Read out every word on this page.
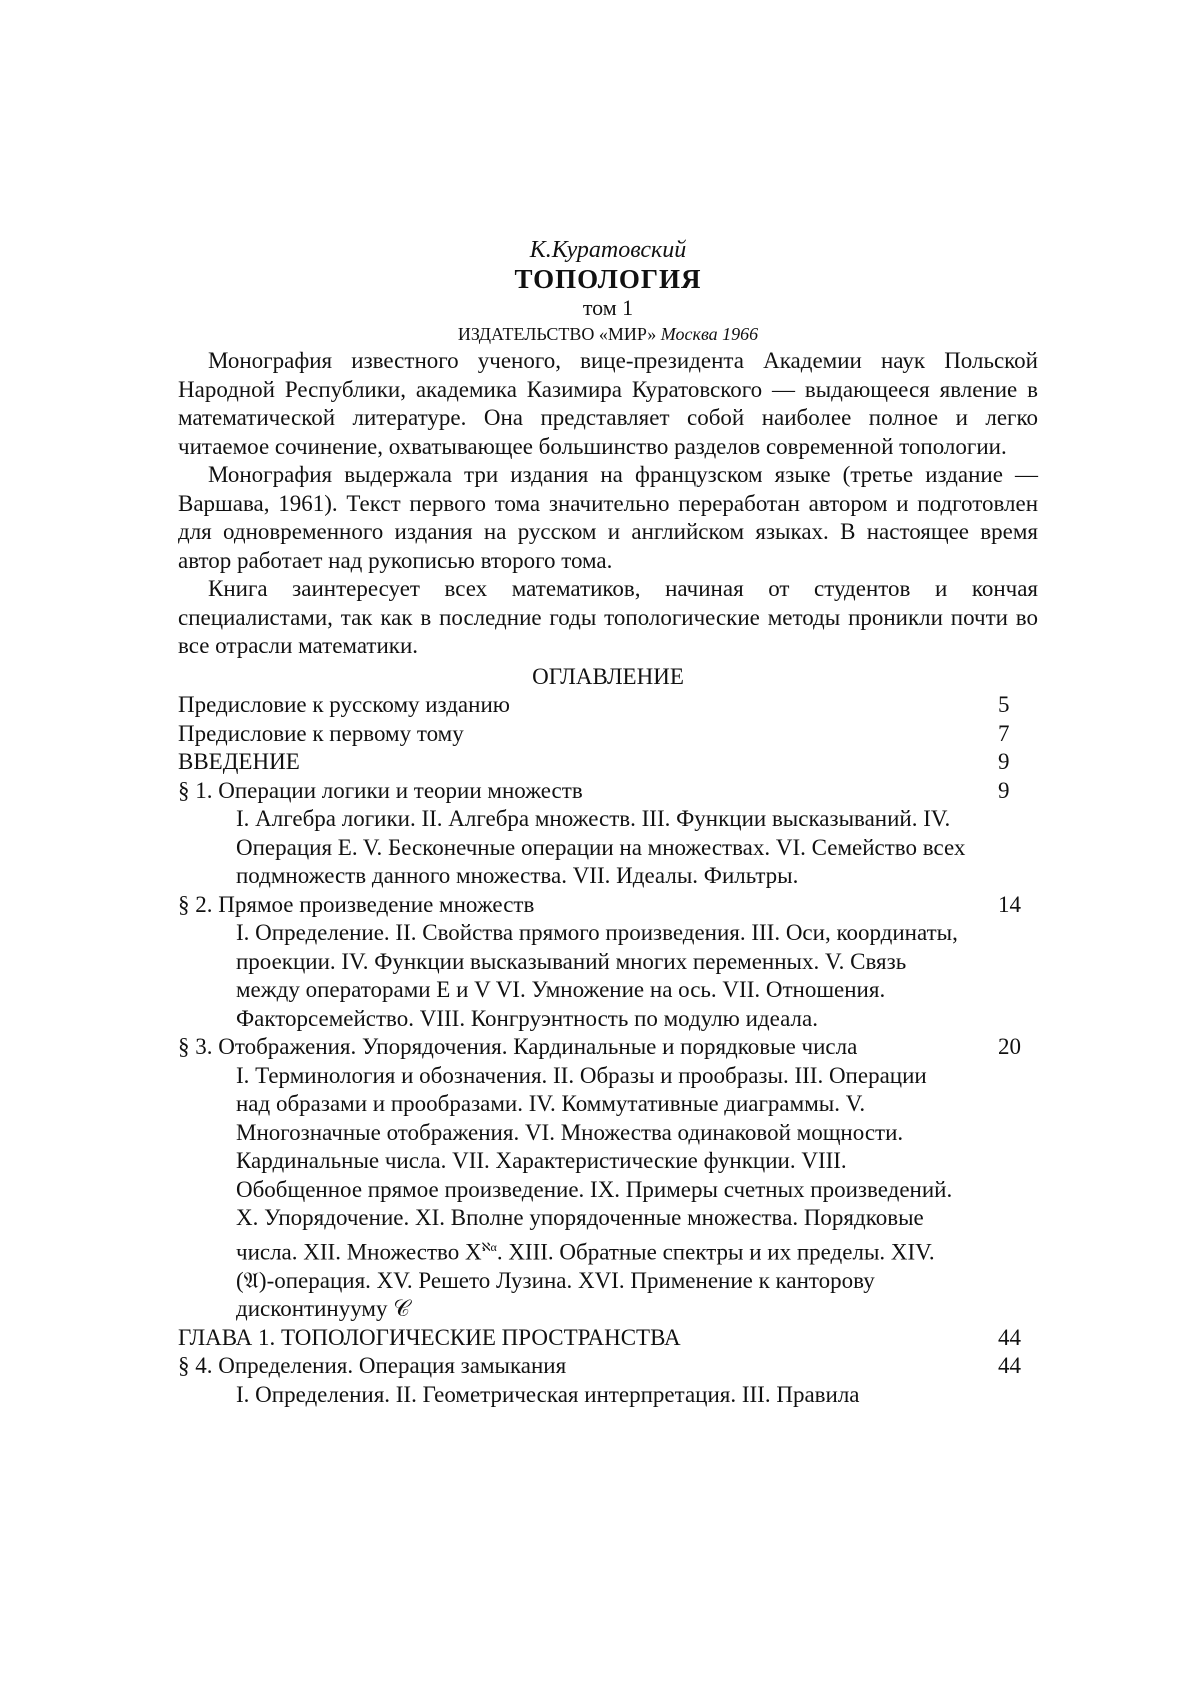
К.Куратовский
ТОПОЛОГИЯ
том 1
ИЗДАТЕЛЬСТВО «МИР» Москва 1966

Монография известного ученого, вице-президента Академии наук Польской Народной Республики, академика Казимира Куратовского — выдающееся явление в математической литературе. Она представляет собой наиболее полное и легко читаемое сочинение, охватывающее большинство разделов современной топологии.

Монография выдержала три издания на французском языке (третье издание — Варшава, 1961). Текст первого тома значительно переработан автором и подготовлен для одновременного издания на русском и английском языках. В настоящее время автор работает над рукописью второго тома.

Книга заинтересует всех математиков, начиная от студентов и кончая специалистами, так как в последние годы топологические методы проникли почти во все отрасли математики.

ОГЛАВЛЕНИЕ
Предисловие к русскому изданию	5
Предисловие к первому тому	7
ВВЕДЕНИЕ	9
§ 1. Операции логики и теории множеств	9
I. Алгебра логики. II. Алгебра множеств. III. Функции высказываний. IV. Операция E. V. Бесконечные операции на множествах. VI. Семейство всех подмножеств данного множества. VII. Идеалы. Фильтры.
§ 2. Прямое произведение множеств	14
I. Определение. II. Свойства прямого произведения. III. Оси, координаты, проекции. IV. Функции высказываний многих переменных. V. Связь между операторами E и V VI. Умножение на ось. VII. Отношения. Факторсемейство. VIII. Конгруэнтность по модулю идеала.
§ 3. Отображения. Упорядочения. Кардинальные и порядковые числа	20
I. Терминология и обозначения. II. Образы и прообразы. III. Операции над образами и прообразами. IV. Коммутативные диаграммы. V. Многозначные отображения. VI. Множества одинаковой мощности. Кардинальные числа. VII. Характеристические функции. VIII. Обобщенное прямое произведение. IX. Примеры счетных произведений. X. Упорядочение. XI. Вполне упорядоченные множества. Порядковые числа. XII. Множество Xℵα. XIII. Обратные спектры и их пределы. XIV. (𝔄)-операция. XV. Решето Лузина. XVI. Применение к канторову дисконтинууму 𝒞
ГЛАВА 1. ТОПОЛОГИЧЕСКИЕ ПРОСТРАНСТВА	44
§ 4. Определения. Операция замыкания	44
I. Определения. II. Геометрическая интерпретация. III. Правила
